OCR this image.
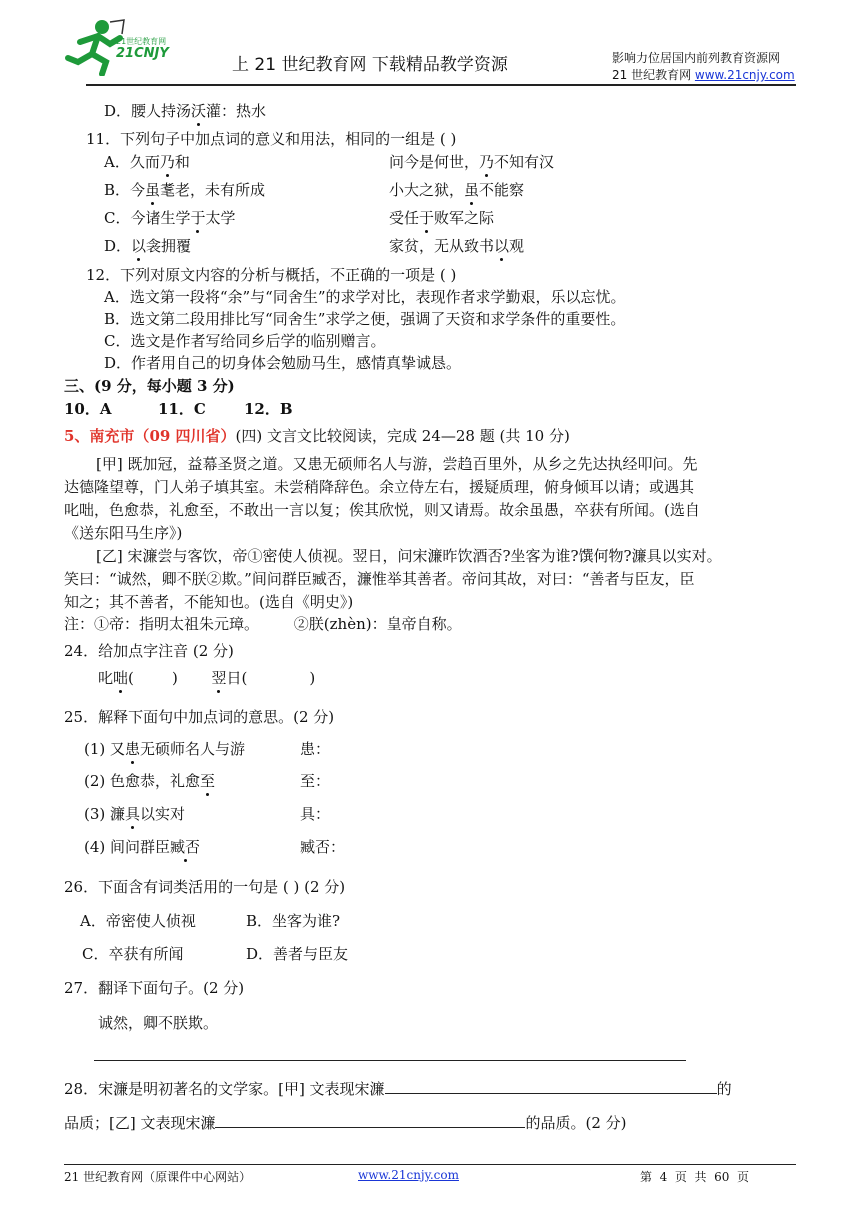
21世纪教育网
21CNJY
上 21 世纪教育网 下载精品教学资源	影响力位居国内前列教育资源网
21 世纪教育网 www.21cnjy.com
D．腰人持汤沃灌：热水
11．下列句子中加点词的意义和用法，相同的一组是 ( )
A．久而乃和	问今是何世，乃不知有汉
B．今虽耄老，未有所成	小大之狱，虽不能察
C．今诸生学于太学	受任于败军之际
D．以衾拥覆	家贫，无从致书以观
12．下列对原文内容的分析与概括，不正确的一项是 ( )
A．选文第一段将“余”与“同舍生”的求学对比，表现作者求学勤艰，乐以忘忧。
B．选文第二段用排比写“同舍生”求学之便，强调了天资和求学条件的重要性。
C．选文是作者写给同乡后学的临别赠言。
D．作者用自己的切身体会勉励马生，感情真挚诚恳。
三、(9 分，每小题 3 分)
10．A	11．C	12．B
5、南充市（09 四川省）(四) 文言文比较阅读，完成 24—28 题 (共 10 分)
[甲] 既加冠，益幕圣贤之道。又患无硕师名人与游，尝趋百里外，从乡之先达执经叩问。先
达德隆望尊，门人弟子填其室。未尝稍降辞色。余立侍左右，援疑质理，俯身倾耳以请；或遇其
叱咄，色愈恭，礼愈至，不敢出一言以复；俟其欣悦，则又请焉。故余虽愚，卒获有所闻。(选自
《送东阳马生序》)
[乙] 宋濂尝与客饮，帝①密使人侦视。翌日，问宋濂昨饮酒否?坐客为谁?馔何物?濂具以实对。
笑曰：“诚然，卿不朕②欺。”间问群臣臧否，濂惟举其善者。帝问其故，对曰：“善者与臣友，臣
知之；其不善者，不能知也。(选自《明史》)
注：①帝：指明太祖朱元璋。 ②朕(zhèn)：皇帝自称。
24．给加点字注音 (2 分)
叱咄(        ) 翌日(             )
25．解释下面句中加点词的意思。(2 分)
(1) 又患无硕师名人与游	患：
(2) 色愈恭，礼愈至	至：
(3) 濂具以实对	具：
(4) 间问群臣臧否	臧否：
26．下面含有词类活用的一句是 ( ) (2 分)
A．帝密使人侦视	B．坐客为谁?
C．卒获有所闻	D．善者与臣友
27．翻译下面句子。(2 分)
诚然，卿不朕欺。
28．宋濂是明初著名的文学家。[甲] 文表现宋濂	的
品质；[乙] 文表现宋濂	的品质。(2 分)
21 世纪教育网（原课件中心网站）	www.21cnjy.com	第  4  页  共  60  页
